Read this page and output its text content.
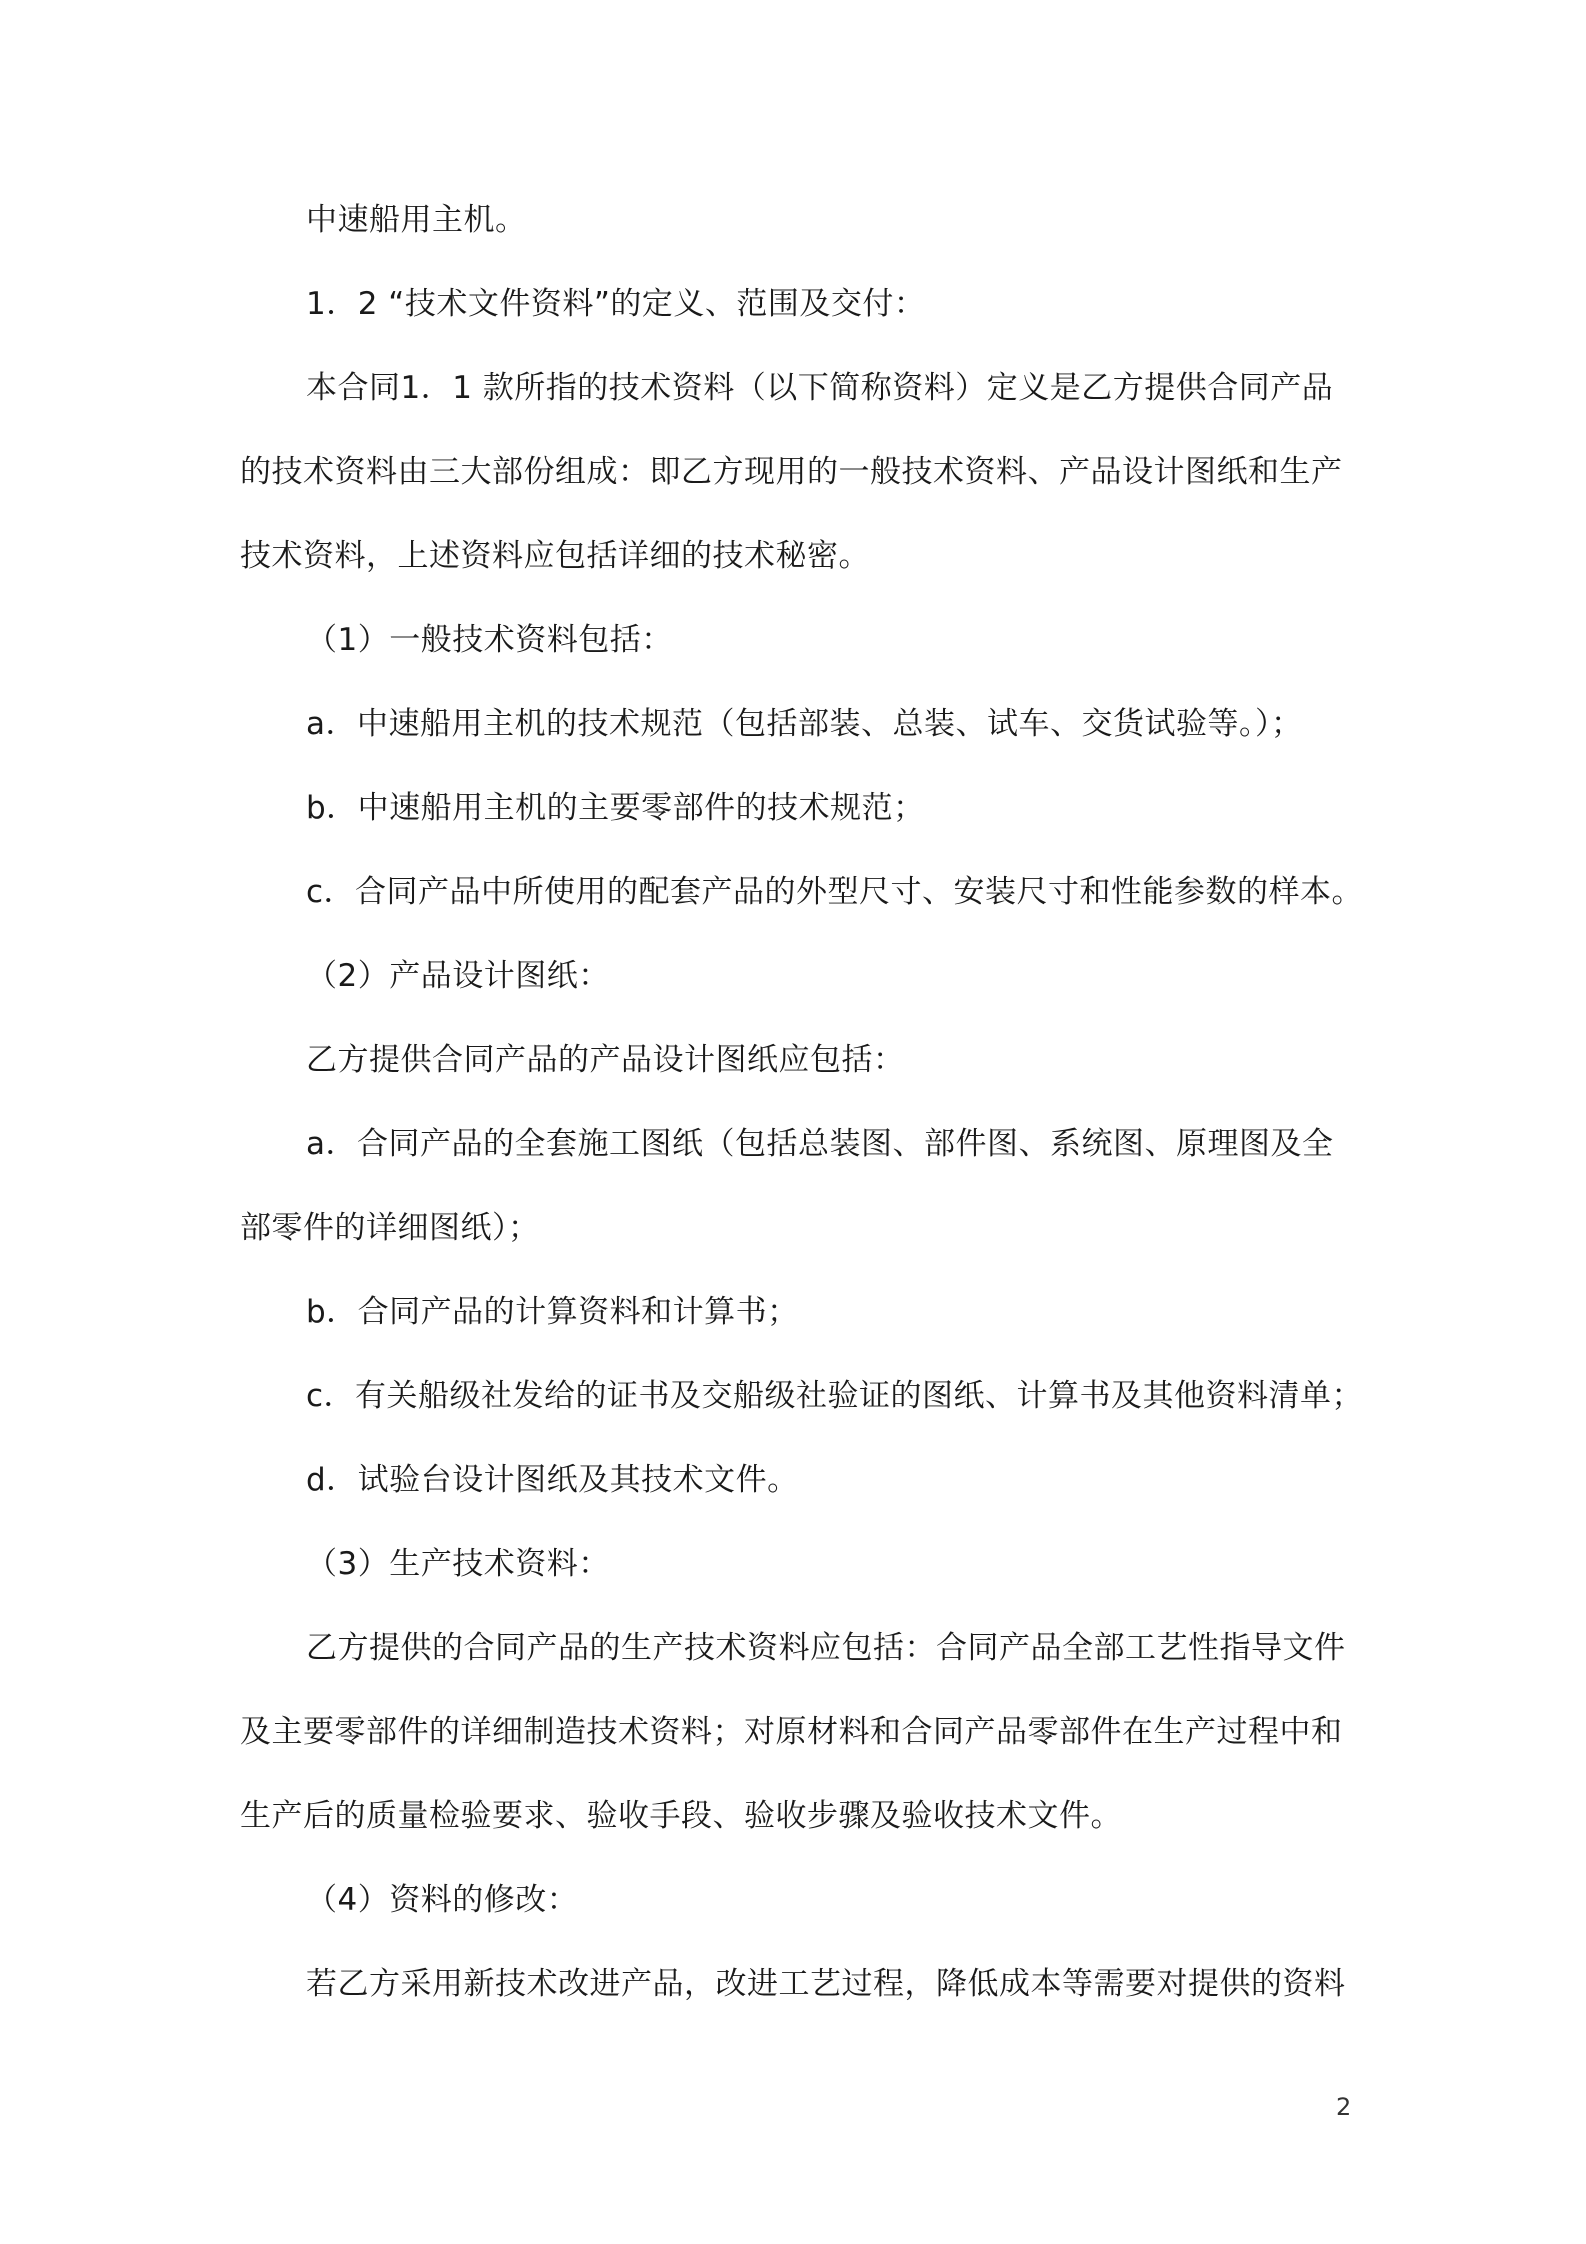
中速船用主机。
1．2 “技术文件资料”的定义、范围及交付：
本合同1．1 款所指的技术资料（以下简称资料）定义是乙方提供合同产品
的技术资料由三大部份组成：即乙方现用的一般技术资料、产品设计图纸和生产
技术资料，上述资料应包括详细的技术秘密。
（1）一般技术资料包括：
a．中速船用主机的技术规范（包括部装、总装、试车、交货试验等。）；
b．中速船用主机的主要零部件的技术规范；
c．合同产品中所使用的配套产品的外型尺寸、安装尺寸和性能参数的样本。
（2）产品设计图纸：
乙方提供合同产品的产品设计图纸应包括：
a．合同产品的全套施工图纸（包括总装图、部件图、系统图、原理图及全
部零件的详细图纸）；
b．合同产品的计算资料和计算书；
c．有关船级社发给的证书及交船级社验证的图纸、计算书及其他资料清单；
d．试验台设计图纸及其技术文件。
（3）生产技术资料：
乙方提供的合同产品的生产技术资料应包括：合同产品全部工艺性指导文件
及主要零部件的详细制造技术资料；对原材料和合同产品零部件在生产过程中和
生产后的质量检验要求、验收手段、验收步骤及验收技术文件。
（4）资料的修改：
若乙方采用新技术改进产品，改进工艺过程，降低成本等需要对提供的资料
2
